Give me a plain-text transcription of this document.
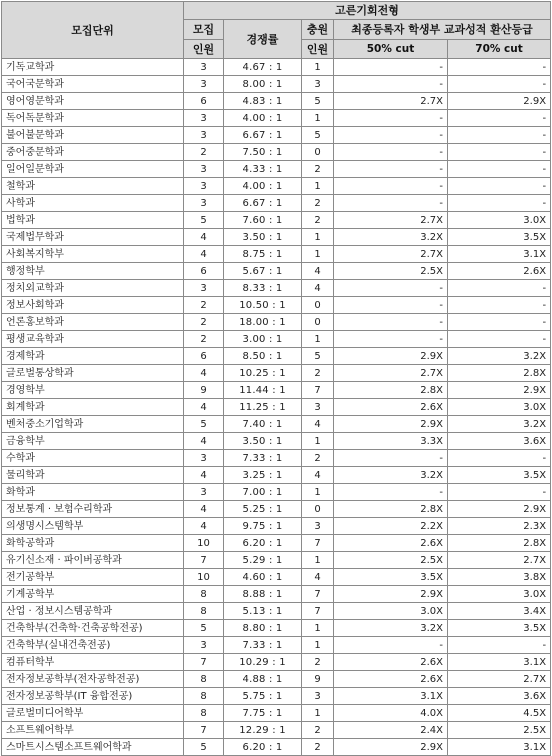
모집단위	고른기회전형				
	모집	경쟁률	충원	최종등록자 학생부 교과성적 환산등급	
	인원		인원	50% cut	70% cut
기독교학과	3	4.67 : 1	1	-	-
국어국문학과	3	8.00 : 1	3	-	-
영어영문학과	6	4.83 : 1	5	2.7X	2.9X
독어독문학과	3	4.00 : 1	1	-	-
불어불문학과	3	6.67 : 1	5	-	-
중어중문학과	2	7.50 : 1	0	-	-
일어일문학과	3	4.33 : 1	2	-	-
철학과	3	4.00 : 1	1	-	-
사학과	3	6.67 : 1	2	-	-
법학과	5	7.60 : 1	2	2.7X	3.0X
국제법무학과	4	3.50 : 1	1	3.2X	3.5X
사회복지학부	4	8.75 : 1	1	2.7X	3.1X
행정학부	6	5.67 : 1	4	2.5X	2.6X
정치외교학과	3	8.33 : 1	4	-	-
정보사회학과	2	10.50 : 1	0	-	-
언론홍보학과	2	18.00 : 1	0	-	-
평생교육학과	2	3.00 : 1	1	-	-
경제학과	6	8.50 : 1	5	2.9X	3.2X
글로벌통상학과	4	10.25 : 1	2	2.7X	2.8X
경영학부	9	11.44 : 1	7	2.8X	2.9X
회계학과	4	11.25 : 1	3	2.6X	3.0X
벤처중소기업학과	5	7.40 : 1	4	2.9X	3.2X
금융학부	4	3.50 : 1	1	3.3X	3.6X
수학과	3	7.33 : 1	2	-	-
물리학과	4	3.25 : 1	4	3.2X	3.5X
화학과	3	7.00 : 1	1	-	-
정보통계 · 보험수리학과	4	5.25 : 1	0	2.8X	2.9X
의생명시스템학부	4	9.75 : 1	3	2.2X	2.3X
화학공학과	10	6.20 : 1	7	2.6X	2.8X
유기신소재 · 파이버공학과	7	5.29 : 1	1	2.5X	2.7X
전기공학부	10	4.60 : 1	4	3.5X	3.8X
기계공학부	8	8.88 : 1	7	2.9X	3.0X
산업 · 정보시스템공학과	8	5.13 : 1	7	3.0X	3.4X
건축학부(건축학·건축공학전공)	5	8.80 : 1	1	3.2X	3.5X
건축학부(실내건축전공)	3	7.33 : 1	1	-	-
컴퓨터학부	7	10.29 : 1	2	2.6X	3.1X
전자정보공학부(전자공학전공)	8	4.88 : 1	9	2.6X	2.7X
전자정보공학부(IT 융합전공)	8	5.75 : 1	3	3.1X	3.6X
글로벌미디어학부	8	7.75 : 1	1	4.0X	4.5X
소프트웨어학부	7	12.29 : 1	2	2.4X	2.5X
스마트시스템소프트웨어학과	5	6.20 : 1	2	2.9X	3.1X
